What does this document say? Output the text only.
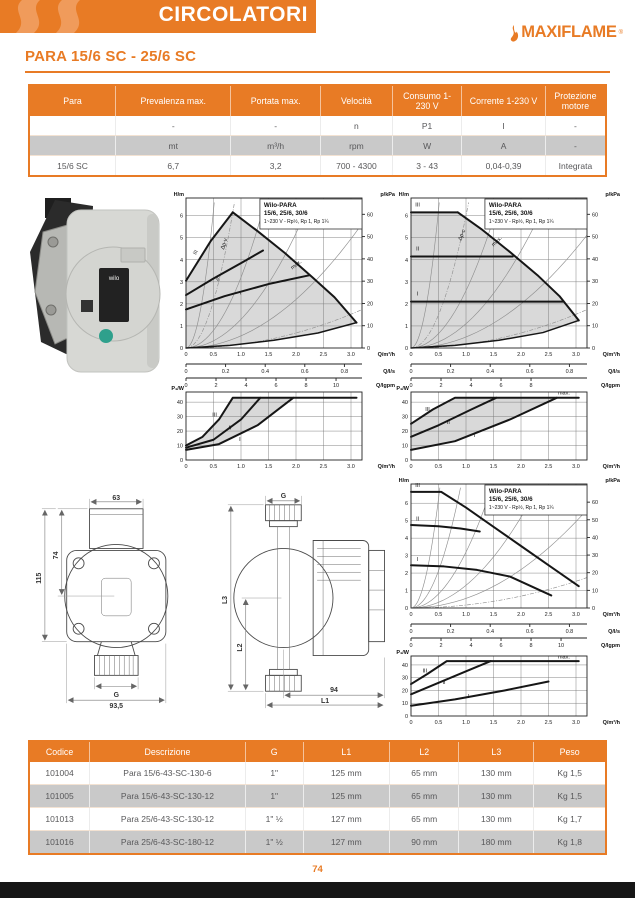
CIRCOLATORI
MAXIFLAME ®
PARA 15/6 SC - 25/6 SC
Para	Prevalenza max.	Portata max.	Velocità	Consumo 1-230 V	Corrente 1-230 V	Protezione motore
	-	-	n	P1	I	-
	mt	m³/h	rpm	W	A	-
15/6 SC	6,7	3,2	700 - 4300	3 - 43	0,04-0,39	Integrata
wilo
Δp-v
III
II
I
max.
0
1
2
3
4
5
6
H/m
0
10
20
30
40
50
60
p/kPa
0	0.5	1.0	1.5	2.0	2.5	3.0	Q/m³/h
0	0.2	0.4	0.6	0.8	Q/l/s
0	2	4	6	8	10	Q/lgpm
Wilo-PARA
15/6, 25/6, 30/6
1~230 V - Rp½, Rp 1, Rp 1¼
Δp-c
III
II
I
max.
0
1
2
3
4
5
6
H/m
0
10
20
30
40
50
60
p/kPa
0	0.5	1.0	1.5	2.0	2.5	3.0	Q/m³/h
0	0.2	0.4	0.6	0.8	Q/l/s
0	2	4	6	8	Q/lgpm
Wilo-PARA
15/6, 25/6, 30/6
1~230 V - Rp½, Rp 1, Rp 1¼
III
II
I
0
10
20
30
40
P₁/W
0	0.5	1.0	1.5	2.0	2.5	3.0	Q/m³/h
III
II
I
max.
0
10
20
30
40
P₁/W
0	0.5	1.0	1.5	2.0	2.5	3.0	Q/m³/h
III
II
I
0
1
2
3
4
5
6
H/m
0
10
20
30
40
50
60
p/kPa
0	0.5	1.0	1.5	2.0	2.5	3.0	Q/m³/h
0	0.2	0.4	0.6	0.8	Q/l/s
0	2	4	6	8	10	Q/lgpm
Wilo-PARA
15/6, 25/6, 30/6
1~230 V - Rp½, Rp 1, Rp 1¼
III
II
I
max.
0
10
20
30
40
P₁/W
0	0.5	1.0	1.5	2.0	2.5	3.0	Q/m³/h
63
74
115
G
93,5
G
L3
L2
94
L1
Codice	Descrizione	G	L1	L2	L3	Peso
101004	Para 15/6-43-SC-130-6	1"	125 mm	65 mm	130 mm	Kg 1,5
101005	Para 15/6-43-SC-130-12	1"	125 mm	65 mm	130 mm	Kg 1,5
101013	Para 25/6-43-SC-130-12	1" ½	127 mm	65 mm	130 mm	Kg 1,7
101016	Para 25/6-43-SC-180-12	1" ½	127 mm	90 mm	180 mm	Kg 1,8
74
